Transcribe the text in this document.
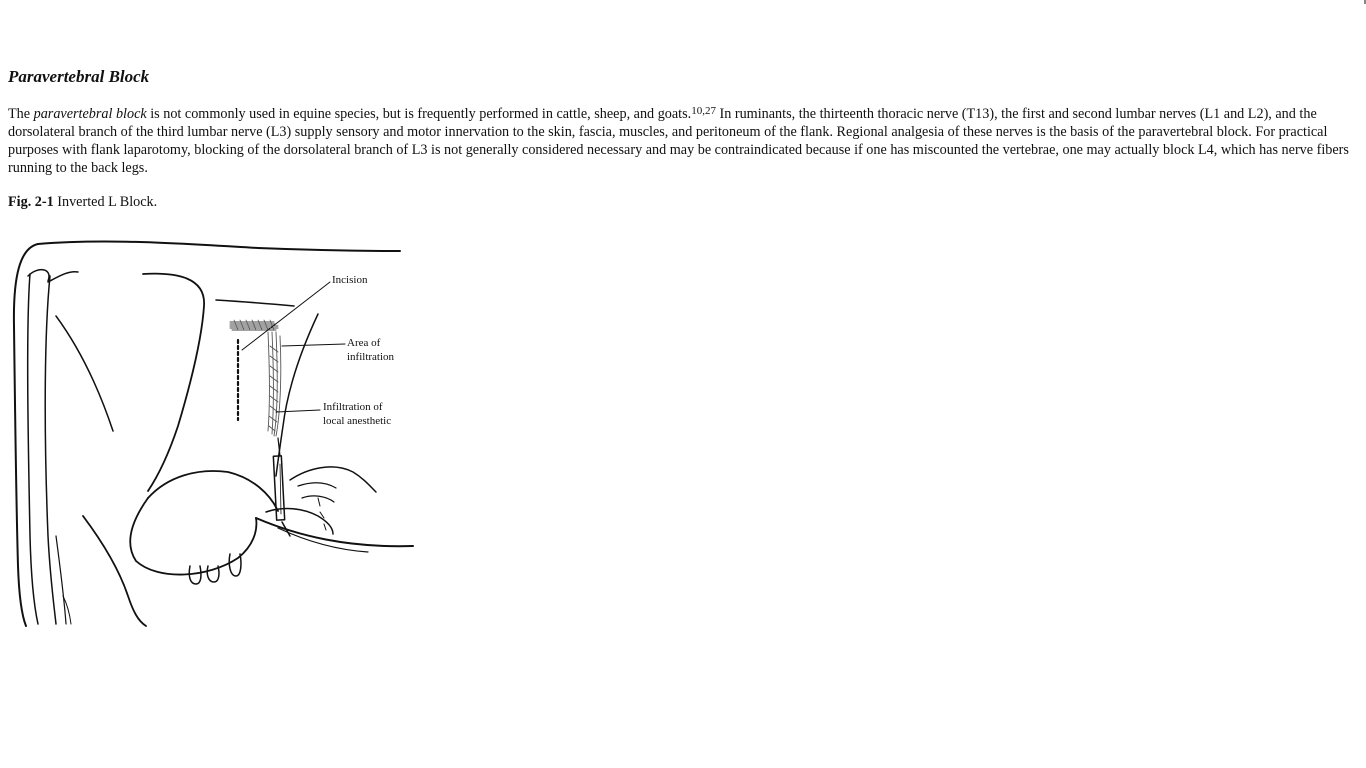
Paravertebral Block

The paravertebral block is not commonly used in equine species, but is frequently performed in cattle, sheep, and goats.$^{10,27}$ In ruminants, the thirteenth thoracic nerve (T13), the first and second lumbar nerves (L1 and L2), and the dorsolateral branch of the third lumbar nerve (L3) supply sensory and motor innervation to the skin, fascia, muscles, and peritoneum of the flank. Regional analgesia of these nerves is the basis of the paravertebral block. For practical purposes with flank laparotomy, blocking of the dorsolateral branch of L3 is not generally considered necessary and may be contraindicated because if one has miscounted the vertebrae, one may actually block L4, which has nerve fibers running to the back legs.

Fig. 2-1 Inverted L Block.

Incision
Area of
infiltration
Infiltration of
local anesthetic
